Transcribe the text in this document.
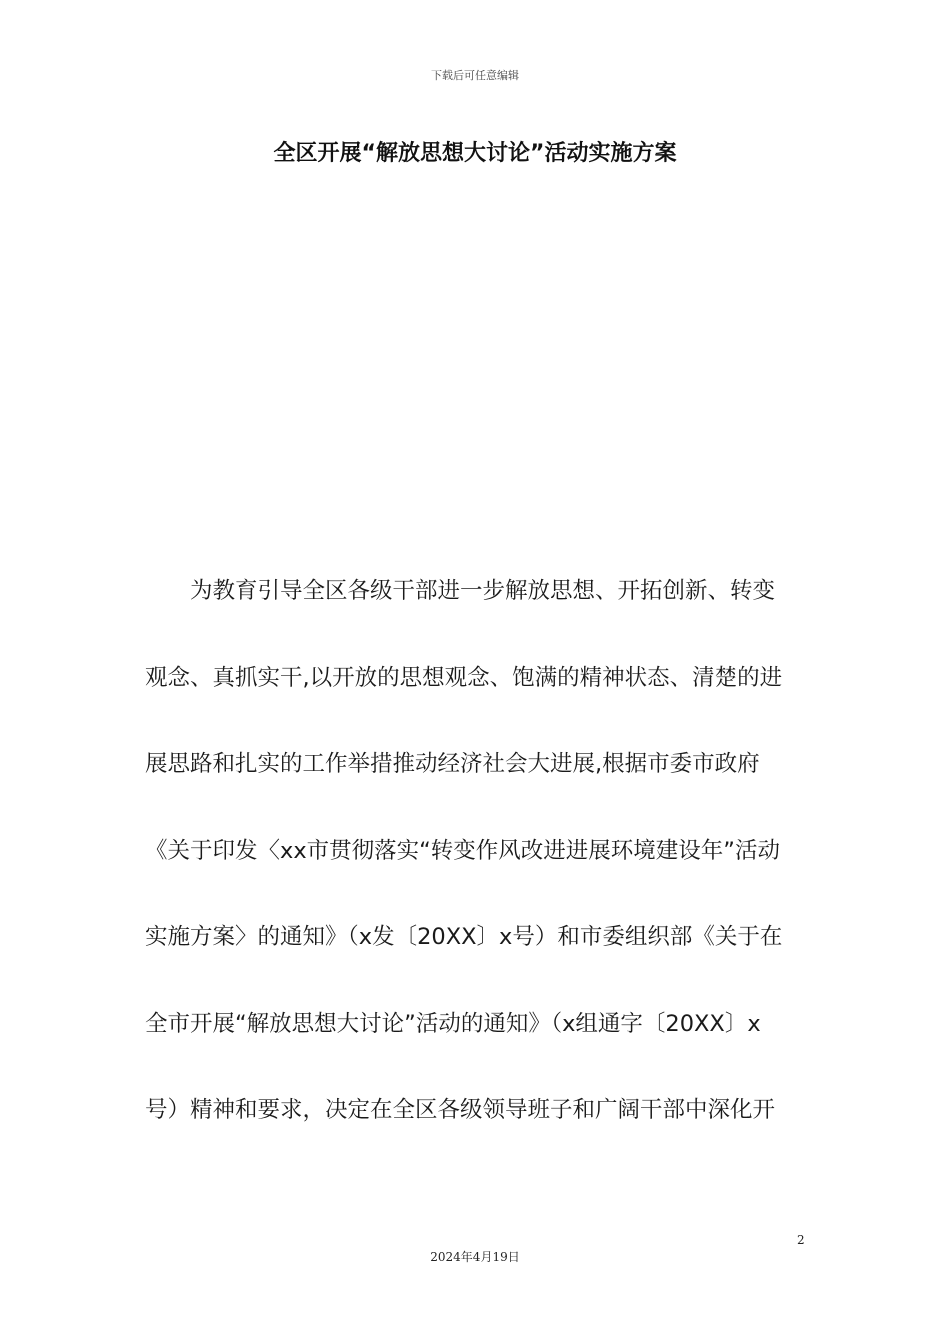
下载后可任意编辑
全区开展“解放思想大讨论”活动实施方案
为教育引导全区各级干部进一步解放思想、开拓创新、转变
观念、真抓实干,以开放的思想观念、饱满的精神状态、清楚的进
展思路和扎实的工作举措推动经济社会大进展,根据市委市政府
《关于印发〈xx市贯彻落实“转变作风改进进展环境建设年”活动
实施方案〉的通知》（x发〔20XX〕x号）和市委组织部《关于在
全市开展“解放思想大讨论”活动的通知》（x组通字〔20XX〕x
号）精神和要求，决定在全区各级领导班子和广阔干部中深化开
2
2024年4月19日
